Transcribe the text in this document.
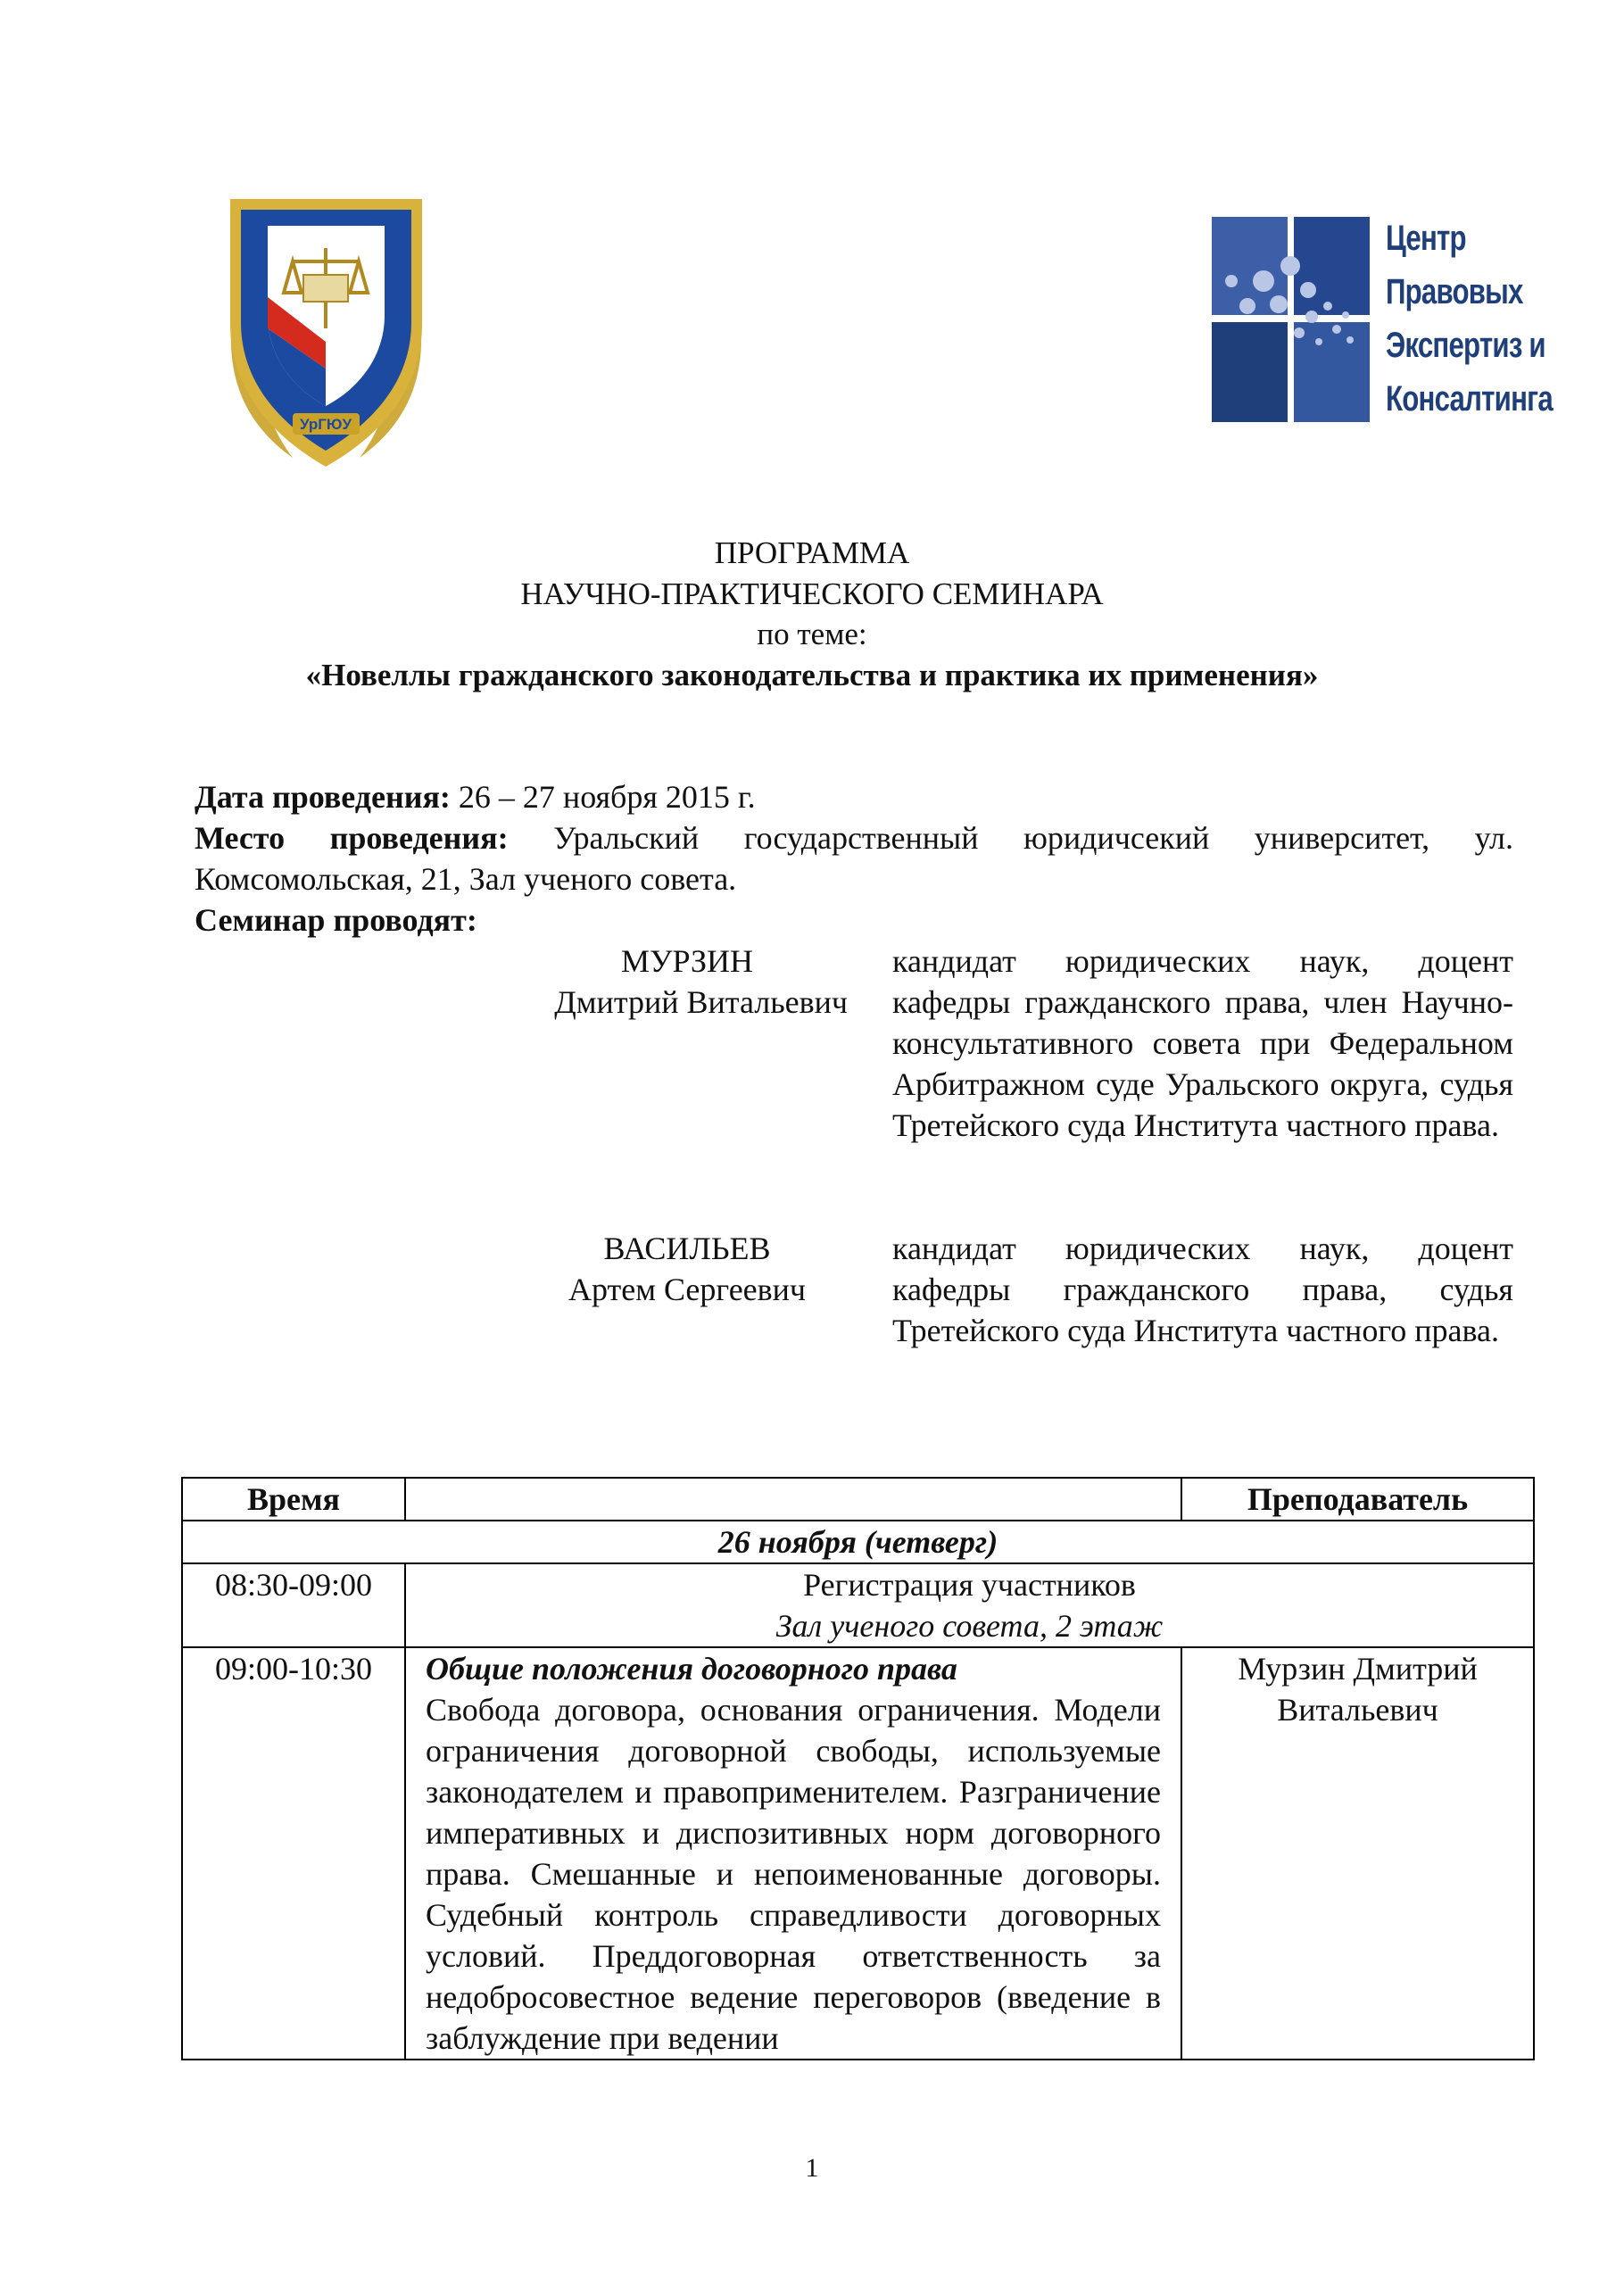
УрГЮУ
Центр
Правовых
Экспертиз и
Консалтинга
ПРОГРАММА
НАУЧНО-ПРАКТИЧЕСКОГО СЕМИНАРА
по теме:
«Новеллы гражданского законодательства и практика их применения»
Дата проведения: 26 – 27 ноября 2015 г.
Место проведения: Уральский государственный юридичсекий университет, ул. Комсомольская, 21, Зал ученого совета.
Семинар проводят:
МУРЗИН
Дмитрий Витальевич
кандидат юридических наук, доцент кафедры гражданского права, член Научно-консультативного совета при Федеральном Арбитражном суде Уральского округа, судья Третейского суда Института частного права.
ВАСИЛЬЕВ
Артем Сергеевич
кандидат юридических наук, доцент кафедры гражданского права, судья Третейского суда Института частного права.
Время		Преподаватель
26 ноября (четверг)		
08:30-09:00	Регистрация участников
Зал ученого совета, 2 этаж	

09:00-10:30	Общие положения договорного права
Свобода договора, основания ограничения. Модели ограничения договорной свободы, используемые законодателем и правоприменителем. Разграничение императивных и диспозитивных норм договорного права. Смешанные и непоименованные договоры. Судебный контроль справедливости договорных условий. Преддоговорная ответственность за недобросовестное ведение переговоров (введение в заблуждение при ведении	Мурзин Дмитрий Витальевич
1
